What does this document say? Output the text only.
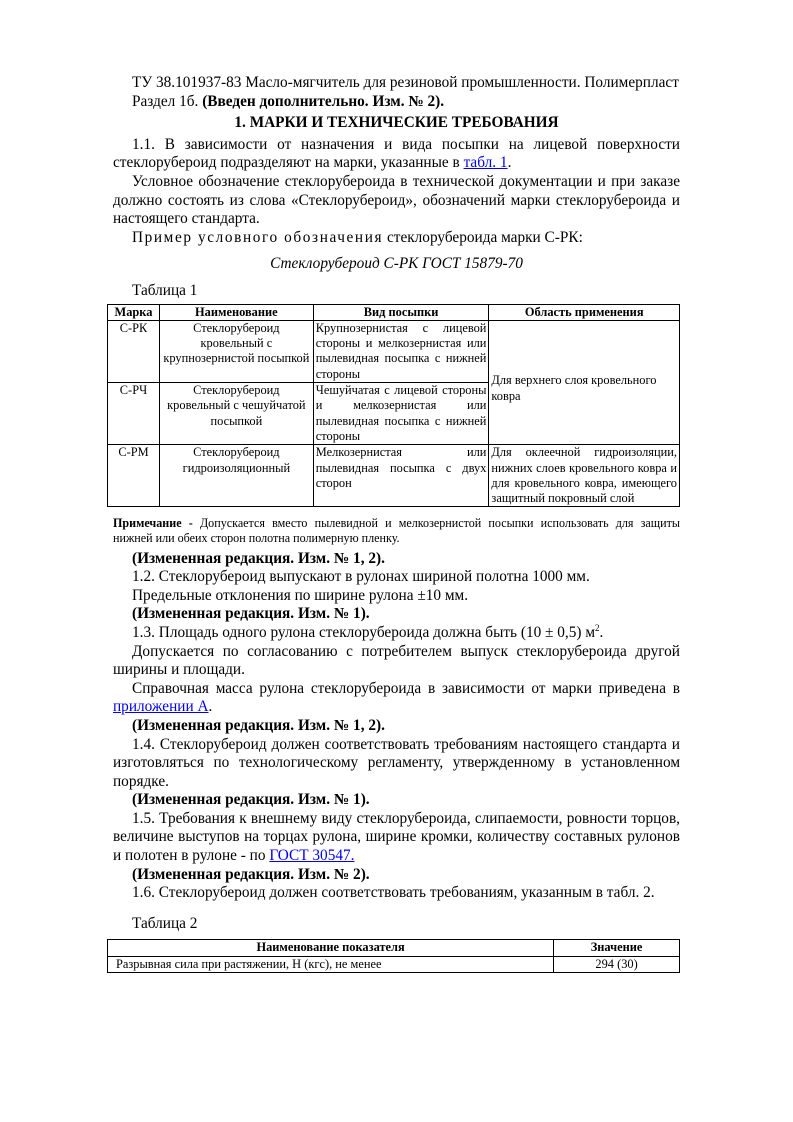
ТУ 38.101937-83 Масло-мягчитель для резиновой промышленности. Полимерпласт

Раздел 1б. (Введен дополнительно. Изм. № 2).

1. МАРКИ И ТЕХНИЧЕСКИЕ ТРЕБОВАНИЯ

1.1. В зависимости от назначения и вида посыпки на лицевой поверхности стеклорубероид подразделяют на марки, указанные в табл. 1.

Условное обозначение стеклорубероида в технической документации и при заказе должно состоять из слова «Стеклорубероид», обозначений марки стеклорубероида и настоящего стандарта.

Пример условного обозначения стеклорубероида марки С-РК:

Стеклорубероид С-РК ГОСТ 15879-70

Таблица 1

Марка	Наименование	Вид посыпки	Область применения
С-РК	Стеклорубероид кровельный с крупнозернистой посыпкой	Крупнозернистая с лицевой стороны и мелкозернистая или пылевидная посыпка с нижней стороны	Для верхнего слоя кровельного ковра
С-РЧ	Стеклорубероид кровельный с чешуйчатой посыпкой	Чешуйчатая с лицевой стороны и мелкозернистая или пылевидная посыпка с нижней стороны	
С-РМ	Стеклорубероид гидроизоляционный	Мелкозернистая или пылевидная посыпка с двух сторон	Для оклеечной гидроизоляции, нижних слоев кровельного ковра и для кровельного ковра, имеющего защитный покровный слой

Примечание - Допускается вместо пылевидной и мелкозернистой посыпки использовать для защиты нижней или обеих сторон полотна полимерную пленку.

(Измененная редакция. Изм. № 1, 2).

1.2. Стеклорубероид выпускают в рулонах шириной полотна 1000 мм.

Предельные отклонения по ширине рулона ±10 мм.

(Измененная редакция. Изм. № 1).

1.3. Площадь одного рулона стеклорубероида должна быть (10 ± 0,5) $м^2$.

Допускается по согласованию с потребителем выпуск стеклорубероида другой ширины и площади.

Справочная масса рулона стеклорубероида в зависимости от марки приведена в приложении А.

(Измененная редакция. Изм. № 1, 2).

1.4. Стеклорубероид должен соответствовать требованиям настоящего стандарта и изготовляться по технологическому регламенту, утвержденному в установленном порядке.

(Измененная редакция. Изм. № 1).

1.5. Требования к внешнему виду стеклорубероида, слипаемости, ровности торцов, величине выступов на торцах рулона, ширине кромки, количеству составных рулонов и полотен в рулоне - по ГОСТ 30547.

(Измененная редакция. Изм. № 2).

1.6. Стеклорубероид должен соответствовать требованиям, указанным в табл. 2.

Таблица 2

Наименование показателя	Значение
Разрывная сила при растяжении, Н (кгс), не менее	294 (30)
